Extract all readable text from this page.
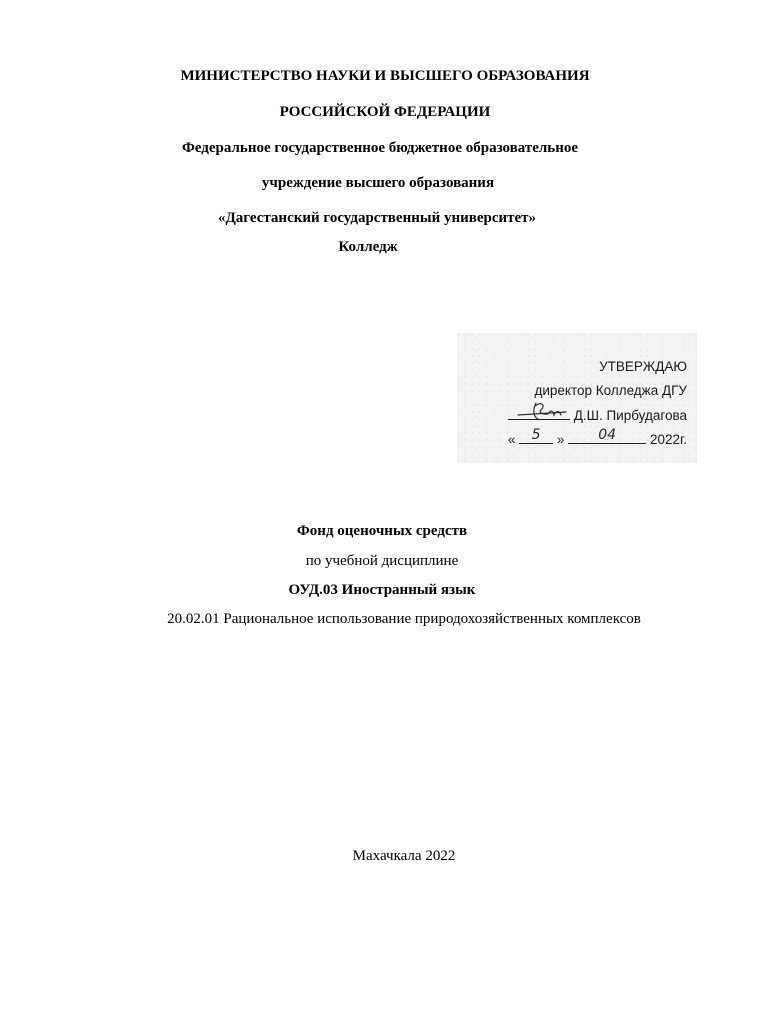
МИНИСТЕРСТВО НАУКИ И ВЫСШЕГО ОБРАЗОВАНИЯ
РОССИЙСКОЙ ФЕДЕРАЦИИ
Федеральное государственное бюджетное образовательное
учреждение высшего образования
«Дагестанский государственный университет»
Колледж
УТВЕРЖДАЮ
директор Колледжа ДГУ
Д.Ш. Пирбудагова
«	5	»	04	2022г.
Фонд оценочных средств
по учебной дисциплине
ОУД.03 Иностранный язык
20.02.01 Рациональное использование природохозяйственных комплексов
Махачкала 2022
